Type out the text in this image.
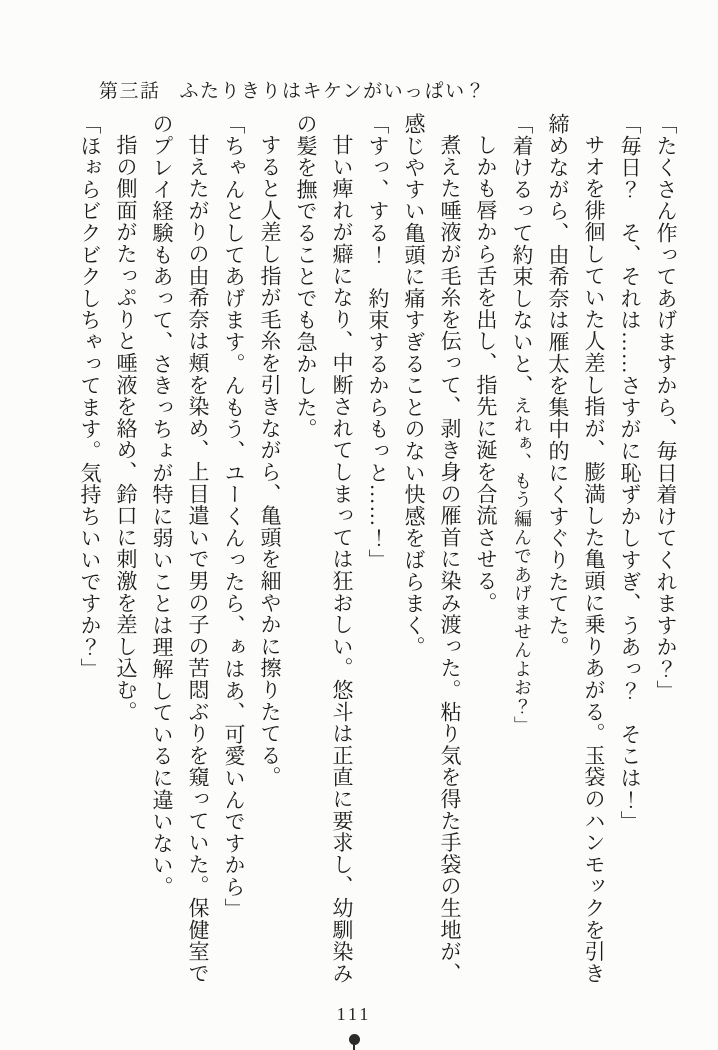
第三話 ふたりきりはキケンがいっぱい？

「たくさん作ってあげますから、毎日着けてくれますか？」

「毎日？　そ、それは……さすがに恥ずかしすぎ、うあっ？　そこは！」

サオを徘徊していた人差し指が、膨満した亀頭に乗りあがる。玉袋のハンモックを引き締めながら、由希奈は雁太を集中的にくすぐりたてた。

「着けるって約束しないと、えれぁ、もう編んであげませんよお？」

しかも唇から舌を出し、指先に涎を合流させる。

煮えた唾液が毛糸を伝って、剥き身の雁首に染み渡った。粘り気を得た手袋の生地が、感じやすい亀頭に痛すぎることのない快感をばらまく。

「すっ、する！　約束するからもっと……！」

甘い痺れが癖になり、中断されてしまっては狂おしい。悠斗は正直に要求し、幼馴染みの髪を撫でることでも急かした。

すると人差し指が毛糸を引きながら、亀頭を細やかに擦りたてる。

「ちゃんとしてあげます。んもう、ユーくんったら、ぁはあ、可愛いんですから」

甘えたがりの由希奈は頬を染め、上目遣いで男の子の苦悶ぶりを窺っていた。保健室でのプレイ経験もあって、さきっちょが特に弱いことは理解しているに違いない。

指の側面がたっぷりと唾液を絡め、鈴口に刺激を差し込む。

「ほぉらビクビクしちゃってます。気持ちいいですか？」

111
